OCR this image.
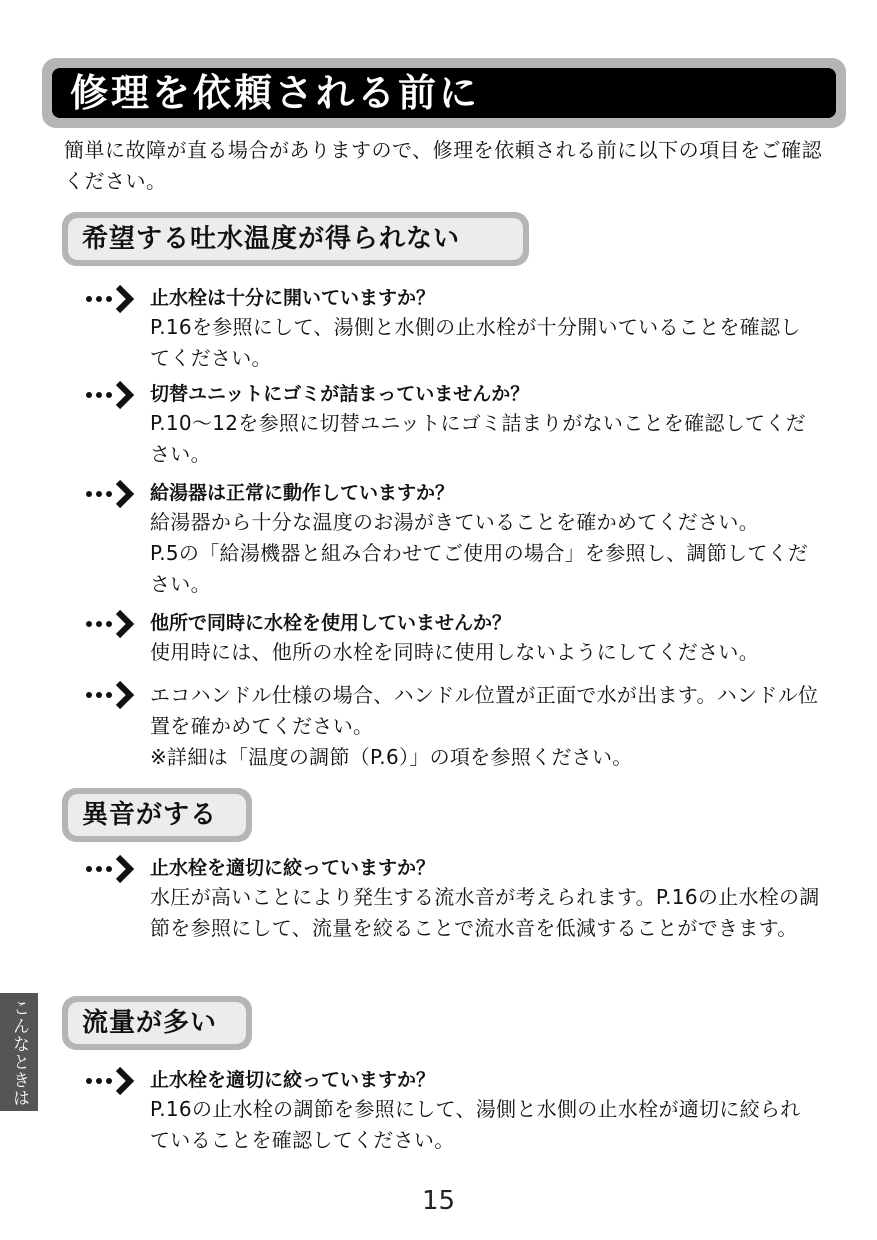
修理を依頼される前に
簡単に故障が直る場合がありますので、修理を依頼される前に以下の項目をご確認ください。
希望する吐水温度が得られない
止水栓は十分に開いていますか？

P.16を参照にして、湯側と水側の止水栓が十分開いていることを確認してください。

切替ユニットにゴミが詰まっていませんか？

P.10～12を参照に切替ユニットにゴミ詰まりがないことを確認してください。

給湯器は正常に動作していますか？

給湯器から十分な温度のお湯がきていることを確かめてください。

P.5の「給湯機器と組み合わせてご使用の場合」を参照し、調節してください。

他所で同時に水栓を使用していませんか？

使用時には、他所の水栓を同時に使用しないようにしてください。

エコハンドル仕様の場合、ハンドル位置が正面で水が出ます。ハンドル位置を確かめてください。

※詳細は「温度の調節（P.6）」の項を参照ください。

異音がする
止水栓を適切に絞っていますか？

水圧が高いことにより発生する流水音が考えられます。P.16の止水栓の調節を参照にして、流量を絞ることで流水音を低減することができます。

流量が多い
止水栓を適切に絞っていますか？

P.16の止水栓の調節を参照にして、湯側と水側の止水栓が適切に絞られていることを確認してください。

こんなときは
15
